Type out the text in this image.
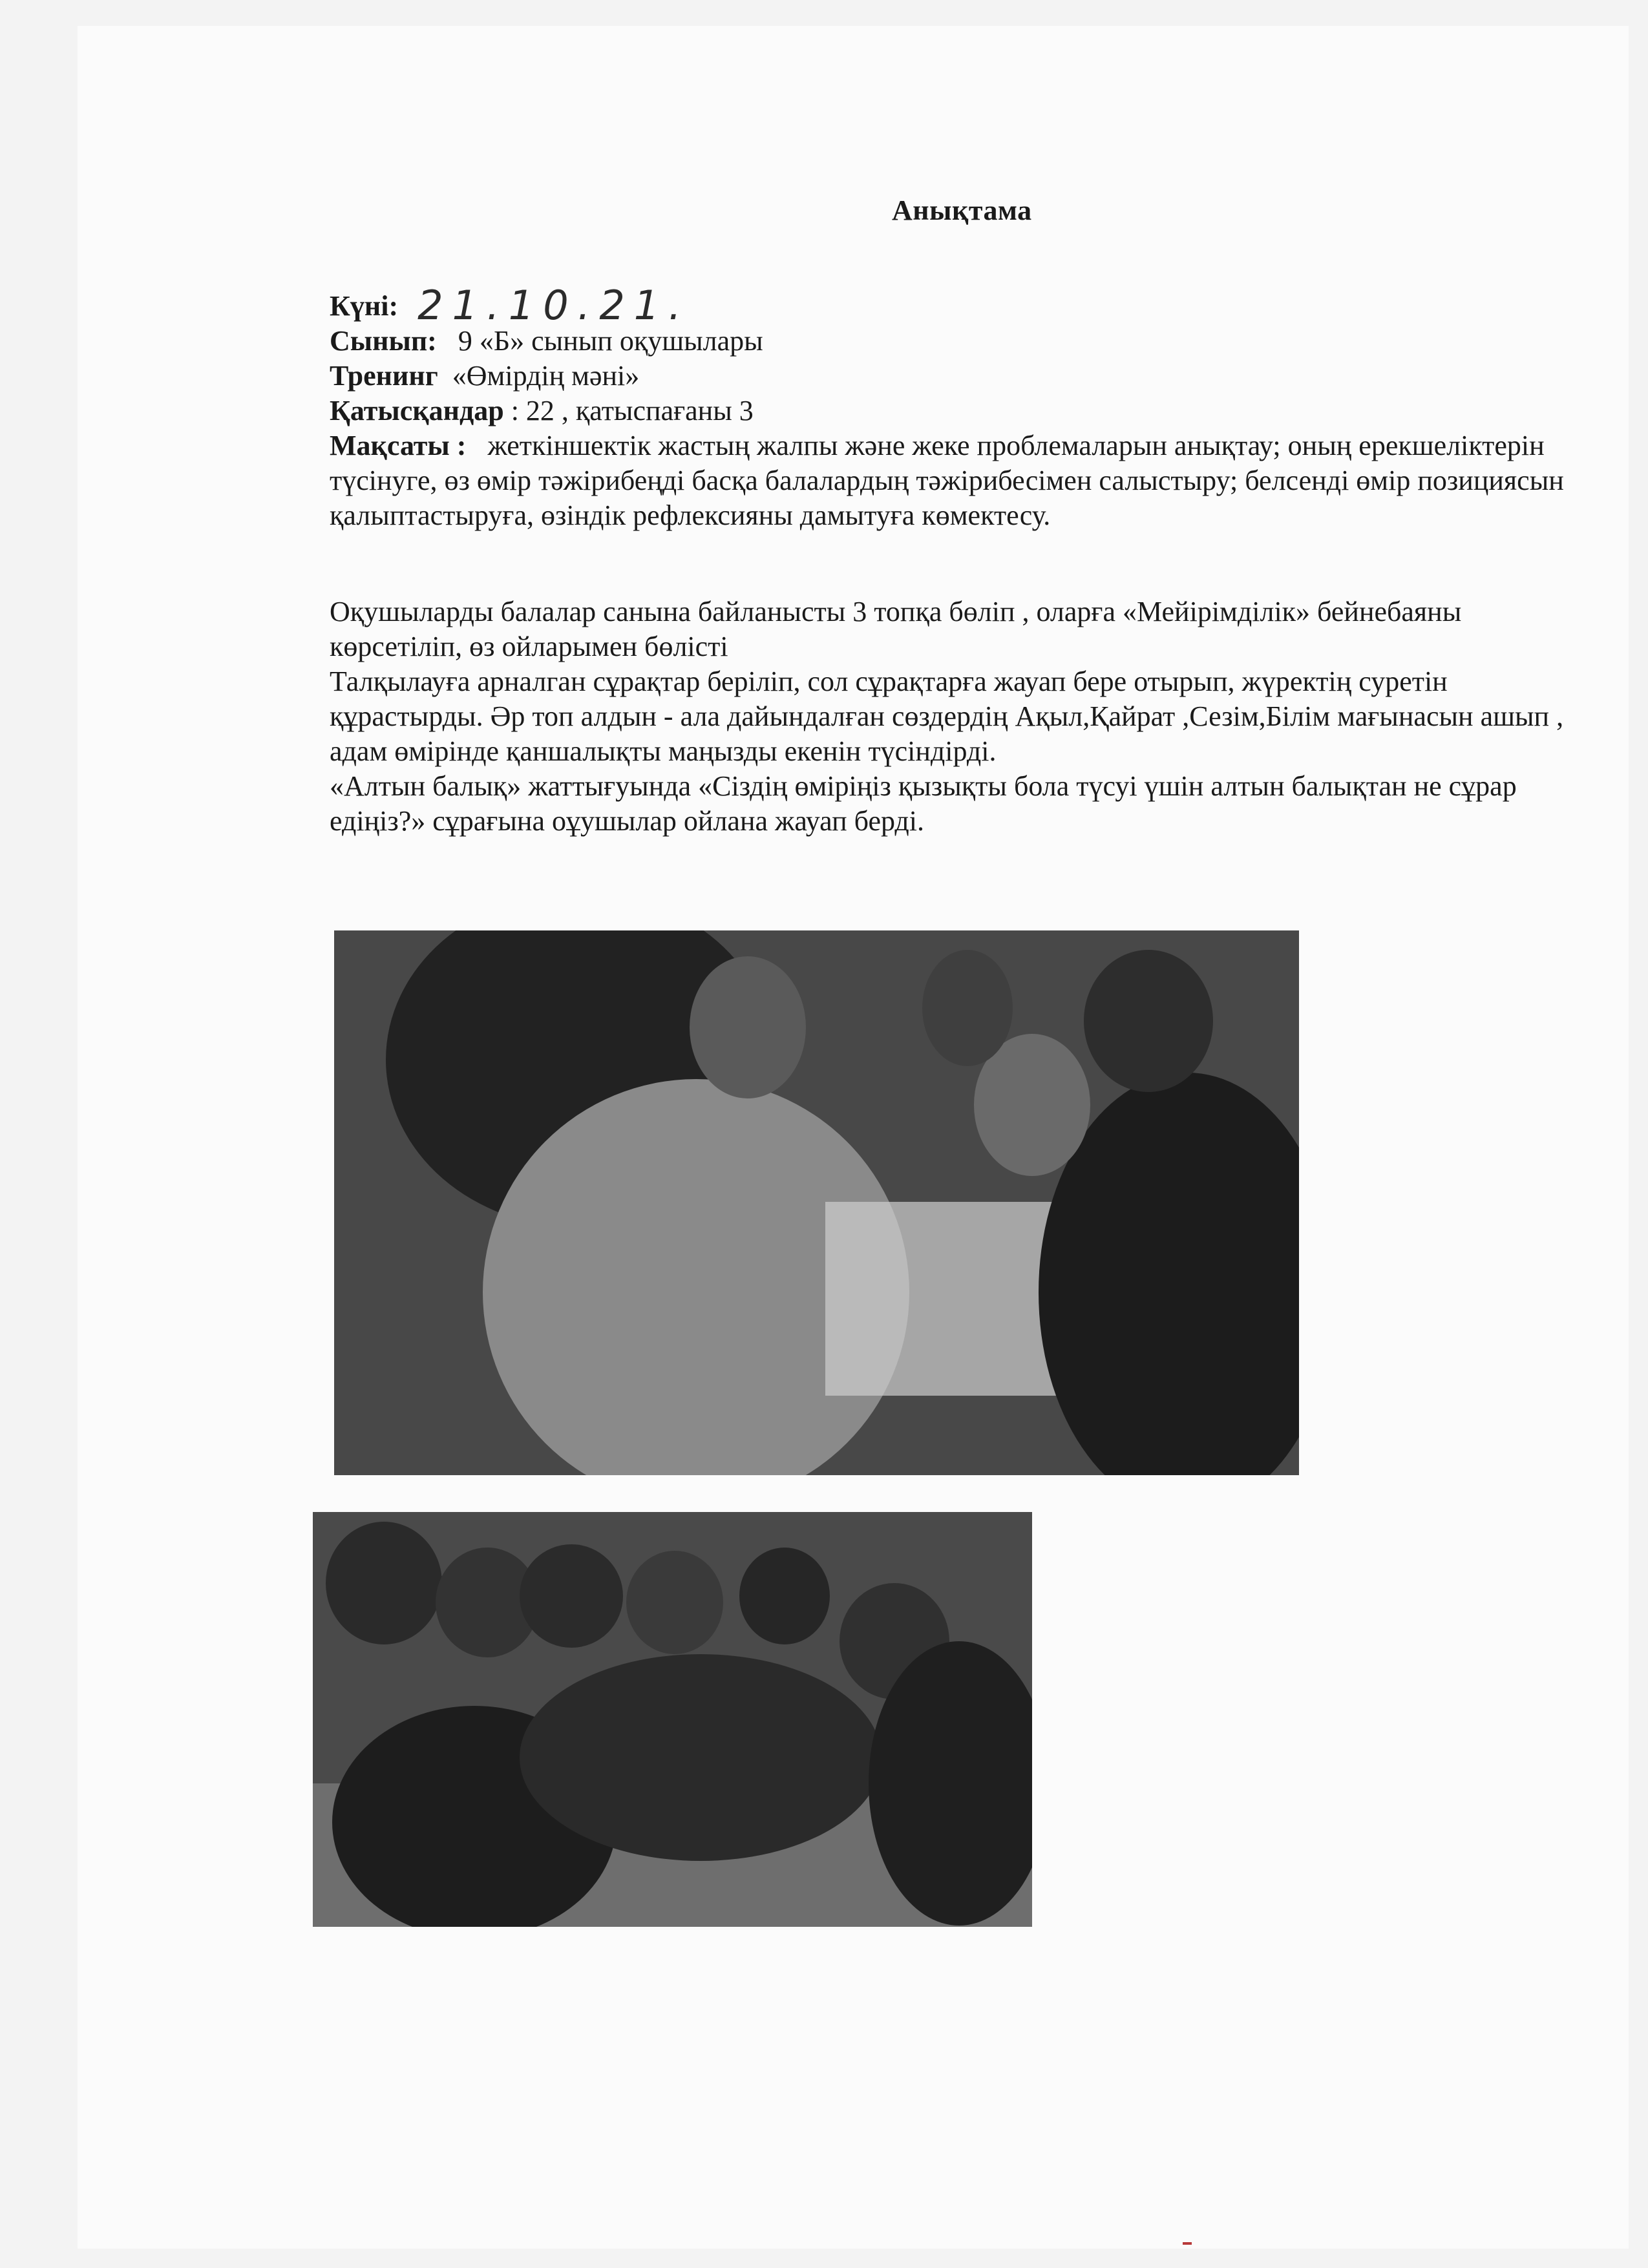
Анықтама
Күні: 21.10.21.
Сынып: 9 «Б» сынып оқушылары
Тренинг «Өмірдің мәні»
Қатысқандар : 22 , қатыспағаны 3
Мақсаты : жеткіншектік жастың жалпы және жеке проблемаларын анықтау; оның ерекшеліктерін түсінуге, өз өмір тәжірибеңді басқа балалардың тәжірибесімен салыстыру; белсенді өмір позициясын қалыптастыруға, өзіндік рефлексияны дамытуға көмектесу.

Оқушыларды балалар санына байланысты 3 топқа бөліп , оларға «Мейірімділік» бейнебаяны көрсетіліп, өз ойларымен бөлісті

Талқылауға арналган сұрақтар беріліп, сол сұрақтарға жауап бере отырып, жүректің суретін құрастырды. Әр топ алдын - ала дайындалған сөздердің Ақыл,Қайрат ,Сезім,Білім мағынасын ашып , адам өмірінде қаншалықты маңызды екенін түсіндірді.

«Алтын балық» жаттығуында «Сіздің өміріңіз қызықты бола түсуі үшін алтын балықтан не сұрар едіңіз?» сұрағына оұушылар ойлана жауап берді.
